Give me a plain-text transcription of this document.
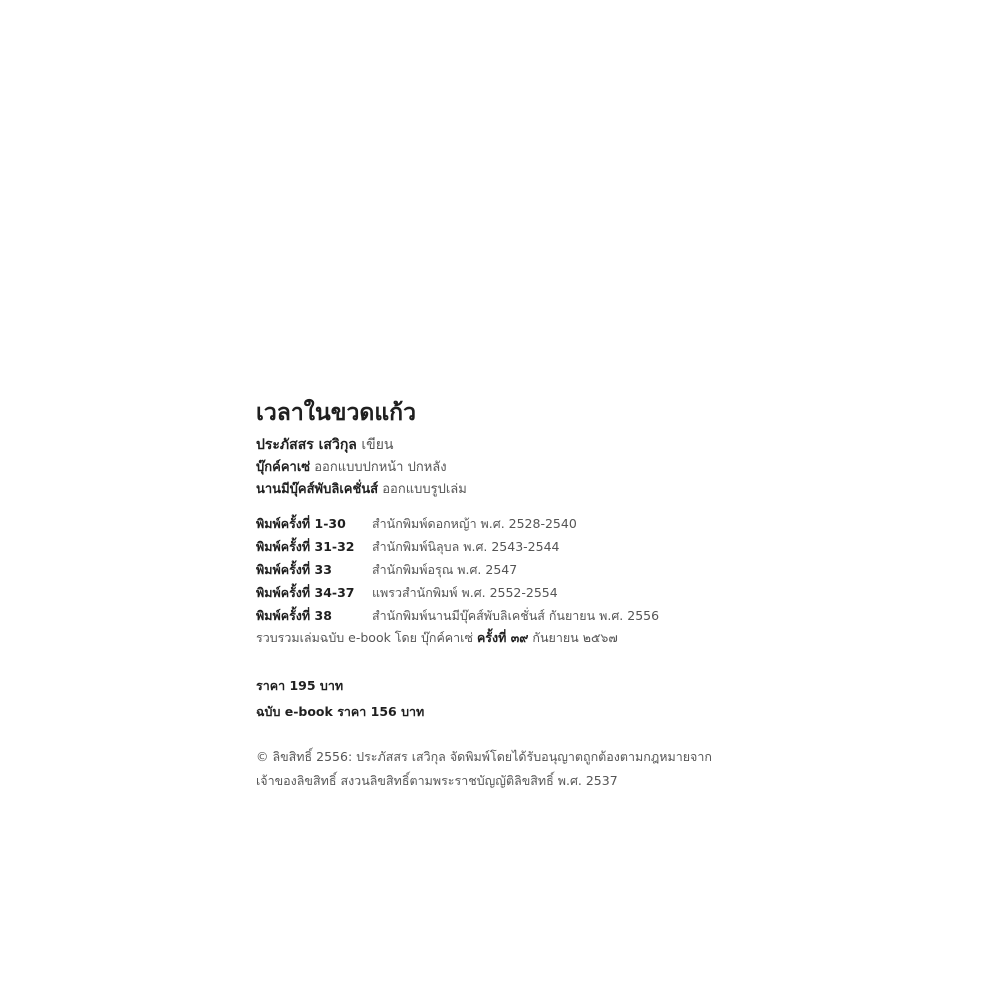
เวลาในขวดแก้ว
ประภัสสร เสวิกุล เขียน
บุ๊กค์คาเซ่ ออกแบบปกหน้า ปกหลัง
นานมีบุ๊คส์พับลิเคชั่นส์ ออกแบบรูปเล่ม
พิมพ์ครั้งที่ 1-30	สำนักพิมพ์ดอกหญ้า พ.ศ. 2528-2540
พิมพ์ครั้งที่ 31-32	สำนักพิมพ์นิลุบล พ.ศ. 2543-2544
พิมพ์ครั้งที่ 33	สำนักพิมพ์อรุณ พ.ศ. 2547
พิมพ์ครั้งที่ 34-37	แพรวสำนักพิมพ์ พ.ศ. 2552-2554
พิมพ์ครั้งที่ 38	สำนักพิมพ์นานมีบุ๊คส์พับลิเคชั่นส์ กันยายน พ.ศ. 2556
รวบรวมเล่มฉบับ e-book โดย บุ๊กค์คาเซ่ ครั้งที่ ๓๙ กันยายน ๒๕๖๗
ราคา 195 บาท
ฉบับ e-book ราคา 156 บาท
© ลิขสิทธิ์ 2556: ประภัสสร เสวิกุล จัดพิมพ์โดยได้รับอนุญาตถูกต้องตามกฎหมายจาก
เจ้าของลิขสิทธิ์ สงวนลิขสิทธิ์ตามพระราชบัญญัติลิขสิทธิ์ พ.ศ. 2537
